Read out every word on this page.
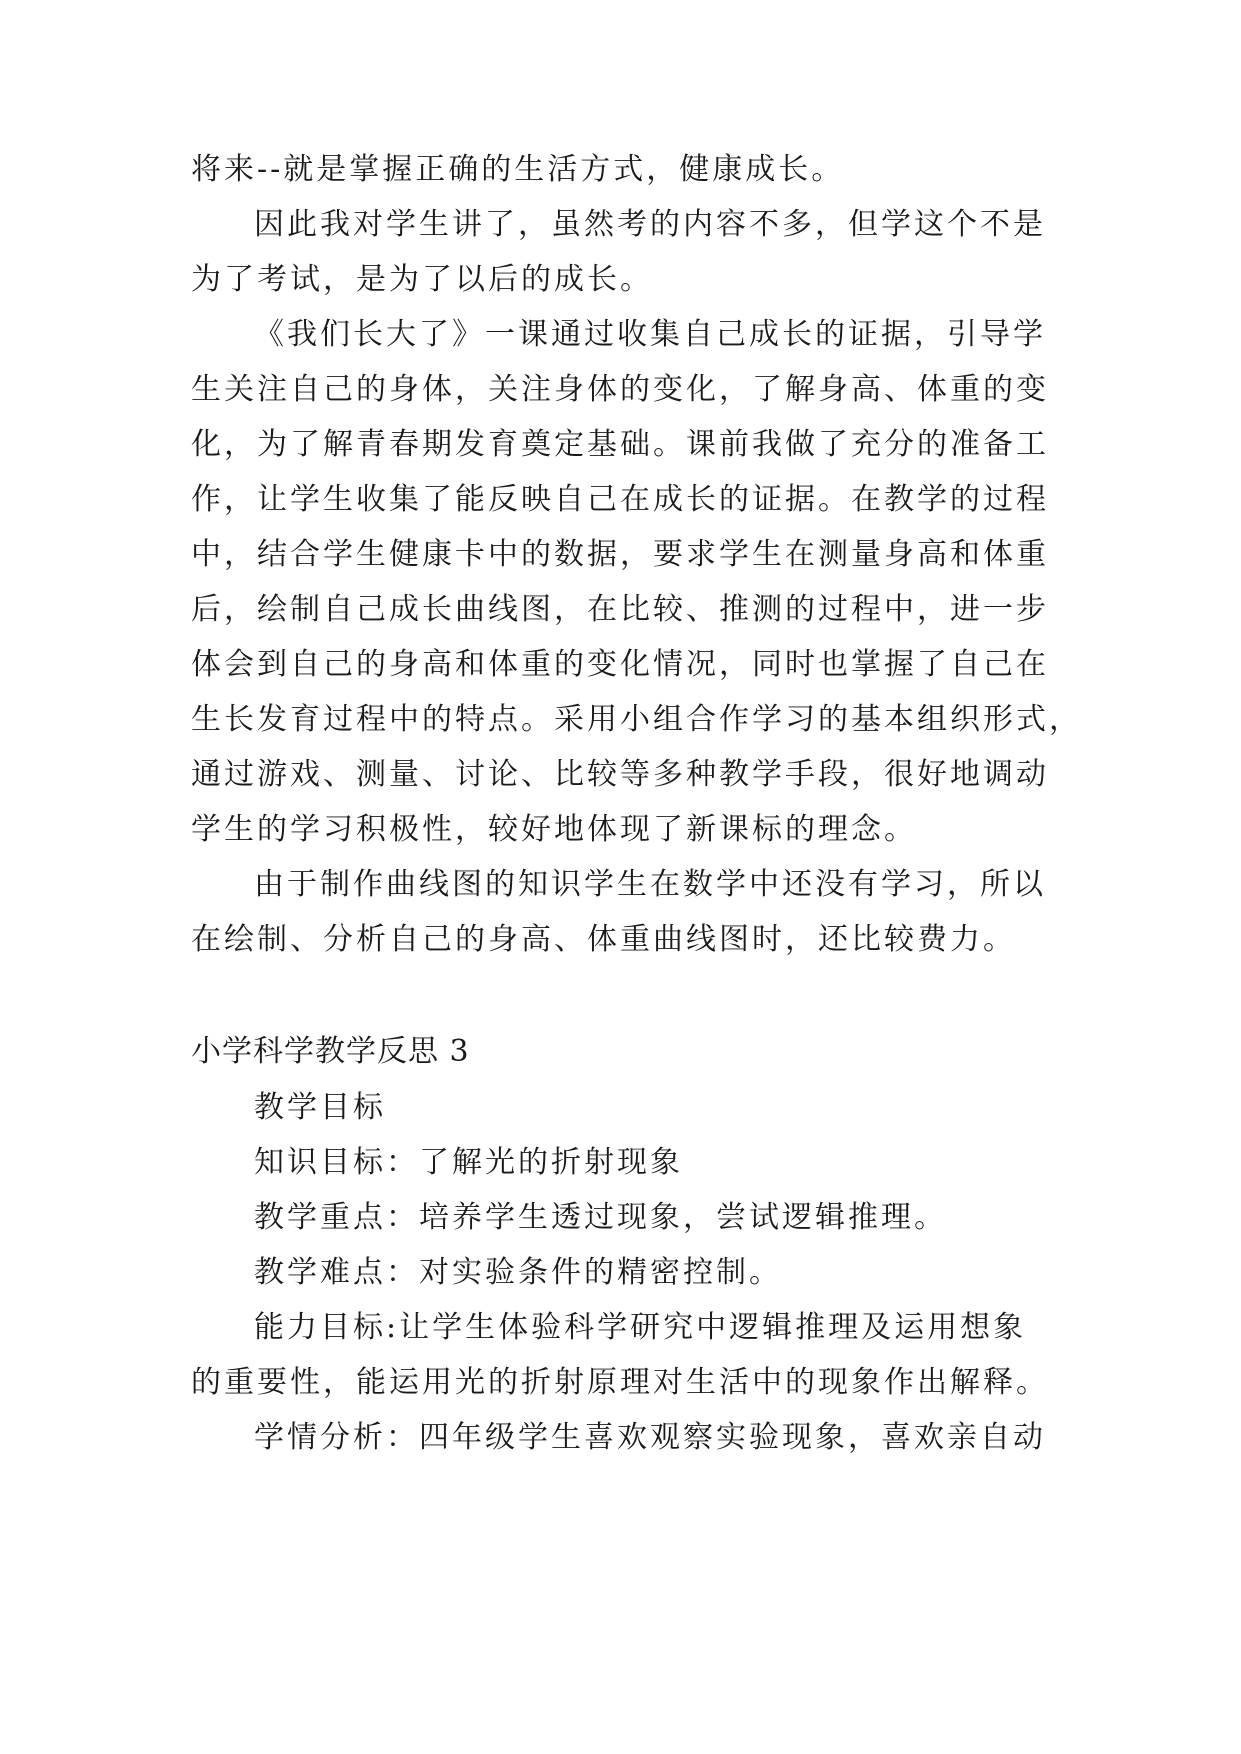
将来--就是掌握正确的生活方式，健康成长。
因此我对学生讲了，虽然考的内容不多，但学这个不是
为了考试，是为了以后的成长。
《我们长大了》一课通过收集自己成长的证据，引导学
生关注自己的身体，关注身体的变化，了解身高、体重的变
化，为了解青春期发育奠定基础。课前我做了充分的准备工
作，让学生收集了能反映自己在成长的证据。在教学的过程
中，结合学生健康卡中的数据，要求学生在测量身高和体重
后，绘制自己成长曲线图，在比较、推测的过程中，进一步
体会到自己的身高和体重的变化情况，同时也掌握了自己在
生长发育过程中的特点。采用小组合作学习的基本组织形式，
通过游戏、测量、讨论、比较等多种教学手段，很好地调动
学生的学习积极性，较好地体现了新课标的理念。
由于制作曲线图的知识学生在数学中还没有学习，所以
在绘制、分析自己的身高、体重曲线图时，还比较费力。
小学科学教学反思 3
教学目标
知识目标：了解光的折射现象
教学重点：培养学生透过现象，尝试逻辑推理。
教学难点：对实验条件的精密控制。
能力目标:让学生体验科学研究中逻辑推理及运用想象
的重要性，能运用光的折射原理对生活中的现象作出解释。
学情分析：四年级学生喜欢观察实验现象，喜欢亲自动
